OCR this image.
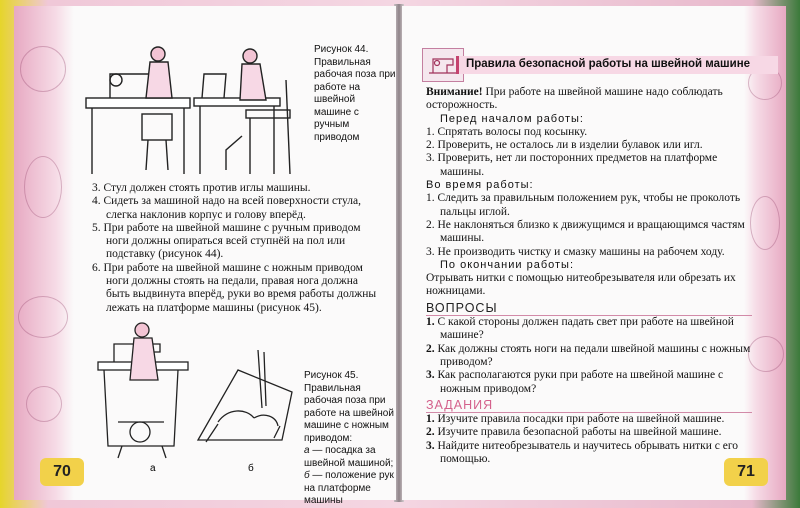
Рисунок 44.
Правильная
рабочая поза при
работе на швейной
машине с ручным
приводом

3. Стул должен стоять против иглы машины.

4. Сидеть за машиной надо на всей поверхности стула, слегка наклонив корпус и голову вперёд.

5. При работе на швейной машине с ручным приводом ноги должны опираться всей ступнёй на пол или подставку (рисунок 44).

6. При работе на швейной машине с ножным приводом ноги должны стоять на педали, правая нога должна быть выдвинута вперёд, руки во время работы должны лежать на платформе машины (рисунок 45).

а	б
Рисунок 45.
Правильная
рабочая поза при
работе на швейной
машине с ножным
приводом:
а — посадка за
швейной машиной;
б — положение рук
на платформе
машины
70
Правила безопасной работы на швейной машине

Внимание! При работе на швейной машине надо соблюдать осторожность.

Перед началом работы:

1. Спрятать волосы под косынку.

2. Проверить, не осталось ли в изделии булавок или игл.

3. Проверить, нет ли посторонних предметов на платформе машины.

Во время работы:

1. Следить за правильным положением рук, чтобы не проколоть пальцы иглой.

2. Не наклоняться близко к движущимся и вращающимся частям машины.

3. Не производить чистку и смазку машины на рабочем ходу.

По окончании работы:

Отрывать нитки с помощью нитеобрезывателя или обрезать их ножницами.

ВОПРОСЫ

1. С какой стороны должен падать свет при работе на швейной машине?

2. Как должны стоять ноги на педали швейной машины с ножным приводом?

3. Как располагаются руки при работе на швейной машине с ножным приводом?

ЗАДАНИЯ

1. Изучите правила посадки при работе на швейной машине.

2. Изучите правила безопасной работы на швейной машине.

3. Найдите нитеобрезыватель и научитесь обрывать нитки с его помощью.

71
